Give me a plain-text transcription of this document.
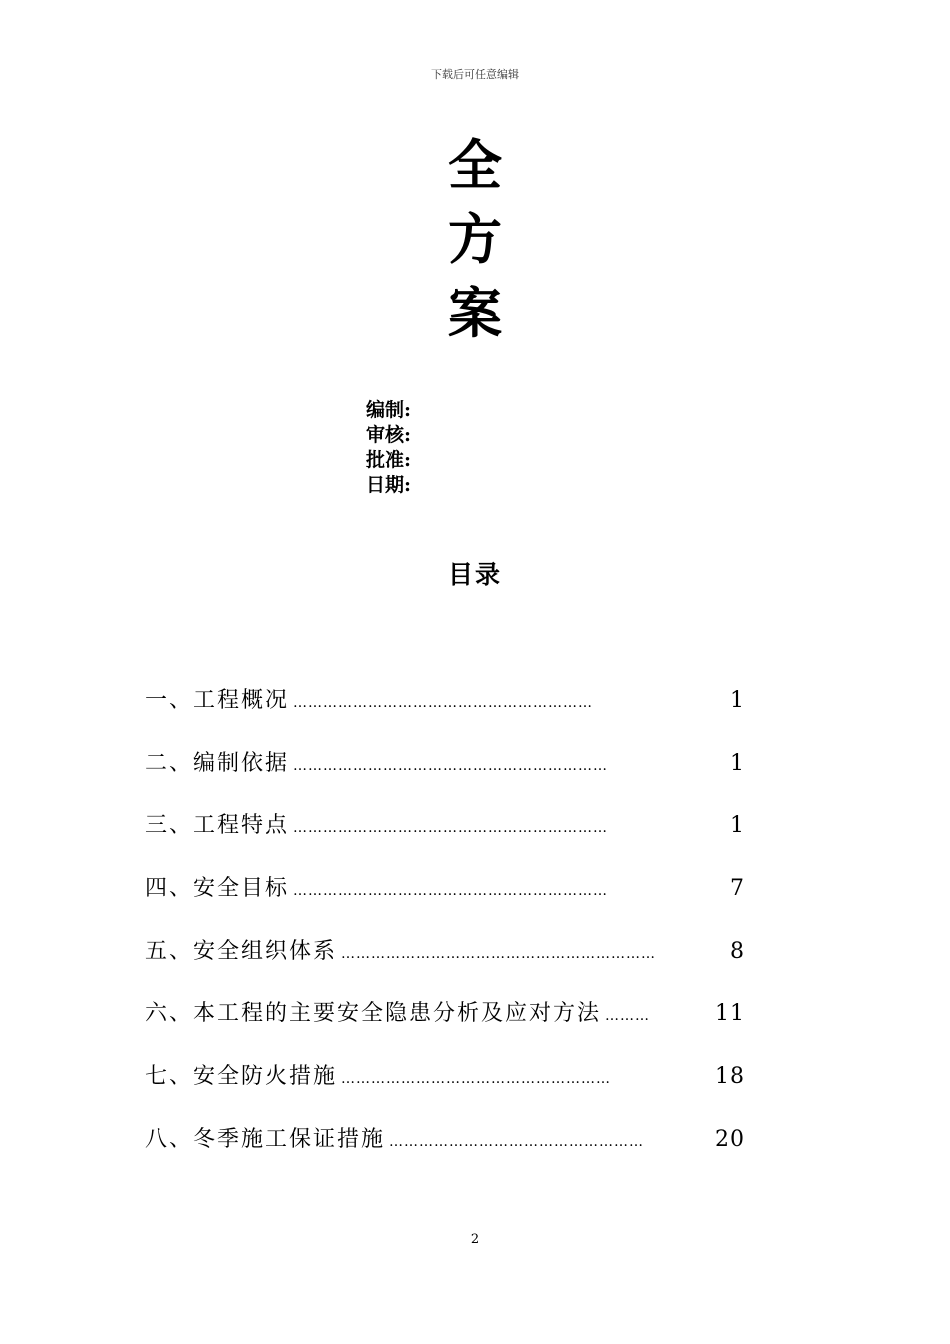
下载后可任意编辑
全
方
案
编制:
审核:
批准:
日期:
目录
一、工程概况 ……………………………………………………	1
二、编制依据 ………………………………………………………	1
三、工程特点 ………………………………………………………	1
四、安全目标 ………………………………………………………	7
五、安全组织体系 ………………………………………………………	8
六、本工程的主要安全隐患分析及应对方法 ………	11
七、安全防火措施 ………………………………………………	18
八、冬季施工保证措施 ……………………………………………	20
2
